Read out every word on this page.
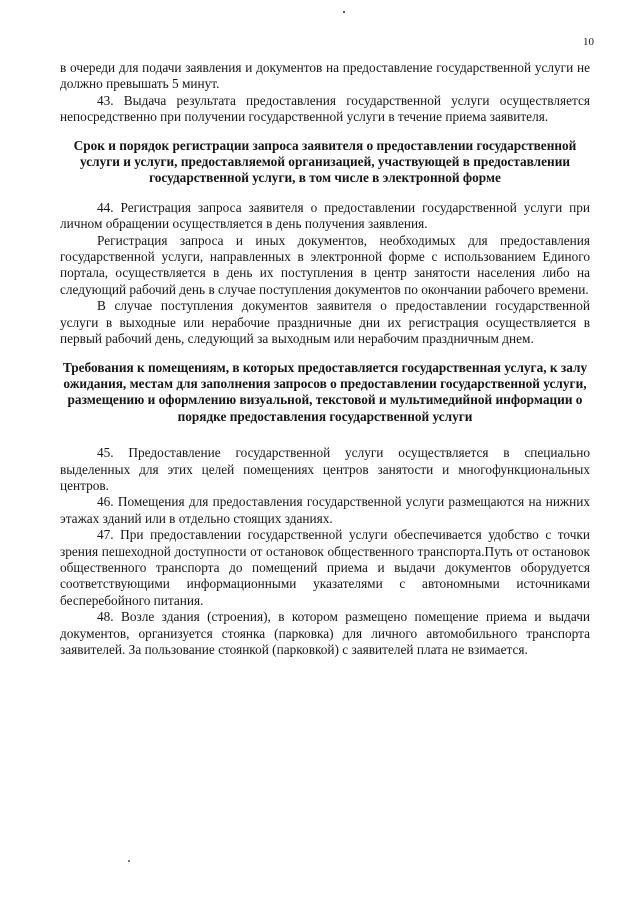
10

в очереди для подачи заявления и документов на предоставление государственной услуги не должно превышать 5 минут.

43. Выдача результата предоставления государственной услуги осуществляется непосредственно при получении государственной услуги в течение приема заявителя.

Срок и порядок регистрации запроса заявителя о предоставлении государственной услуги и услуги, предоставляемой организацией, участвующей в предоставлении государственной услуги, в том числе в электронной форме

44. Регистрация запроса заявителя о предоставлении государственной услуги при личном обращении осуществляется в день получения заявления.

Регистрация запроса и иных документов, необходимых для предоставления государственной услуги, направленных в электронной форме с использованием Единого портала, осуществляется в день их поступления в центр занятости населения либо на следующий рабочий день в случае поступления документов по окончании рабочего времени.

В случае поступления документов заявителя о предоставлении государственной услуги в выходные или нерабочие праздничные дни их регистрация осуществляется в первый рабочий день, следующий за выходным или нерабочим праздничным днем.

Требования к помещениям, в которых предоставляется государственная услуга, к залу ожидания, местам для заполнения запросов о предоставлении государственной услуги, размещению и оформлению визуальной, текстовой и мультимедийной информации о порядке предоставления государственной услуги

45. Предоставление государственной услуги осуществляется в специально выделенных для этих целей помещениях центров занятости и многофункциональных центров.

46. Помещения для предоставления государственной услуги размещаются на нижних этажах зданий или в отдельно стоящих зданиях.

47. При предоставлении государственной услуги обеспечивается удобство с точки зрения пешеходной доступности от остановок общественного транспорта.Путь от остановок общественного транспорта до помещений приема и выдачи документов оборудуется соответствующими информационными указателями с автономными источниками бесперебойного питания.

48. Возле здания (строения), в котором размещено помещение приема и выдачи документов, организуется стоянка (парковка) для личного автомобильного транспорта заявителей. За пользование стоянкой (парковкой) с заявителей плата не взимается.
